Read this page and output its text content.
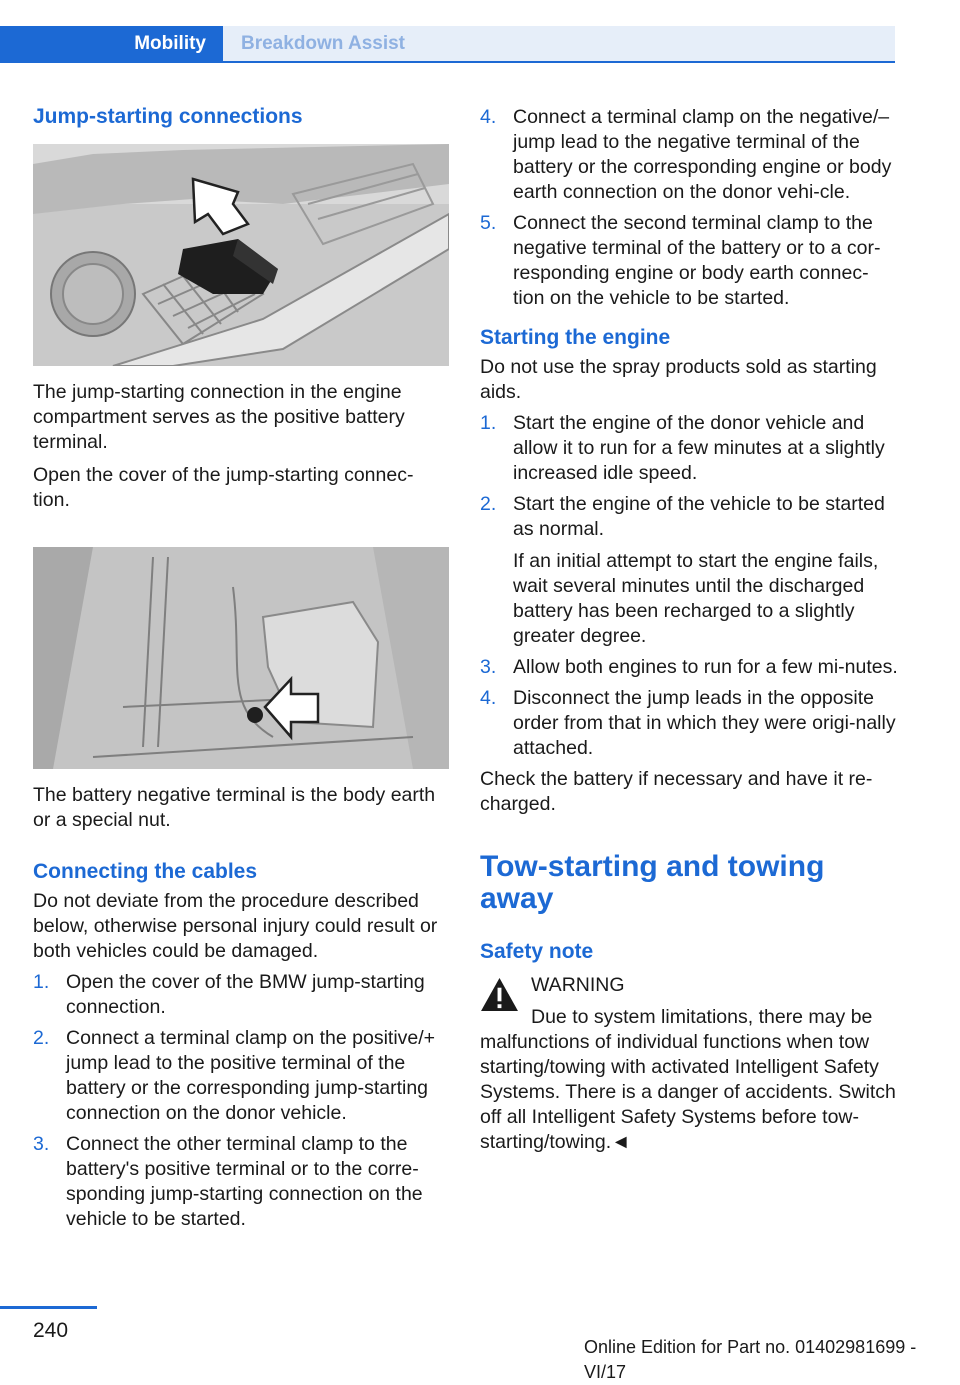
Mobility	Breakdown Assist
Jump-starting connections

The jump-starting connection in the engine compartment serves as the positive battery terminal.

Open the cover of the jump-starting connec-tion.

The battery negative terminal is the body earth or a special nut.

Connecting the cables

Do not deviate from the procedure described below, otherwise personal injury could result or both vehicles could be damaged.

1. Open the cover of the BMW jump-starting connection.
2. Connect a terminal clamp on the positive/+ jump lead to the positive terminal of the battery or the corresponding jump-starting connection on the donor vehicle.
3. Connect the other terminal clamp to the battery's positive terminal or to the corre-sponding jump-starting connection on the vehicle to be started.
4. Connect a terminal clamp on the negative/– jump lead to the negative terminal of the battery or the corresponding engine or body earth connection on the donor vehi-cle.
5. Connect the second terminal clamp to the negative terminal of the battery or to a cor-responding engine or body earth connec-tion on the vehicle to be started.
Starting the engine

Do not use the spray products sold as starting aids.

1. Start the engine of the donor vehicle and allow it to run for a few minutes at a slightly increased idle speed.
2. Start the engine of the vehicle to be started as normal.

If an initial attempt to start the engine fails, wait several minutes until the discharged battery has been recharged to a slightly greater degree.

3. Allow both engines to run for a few mi-nutes.
4. Disconnect the jump leads in the opposite order from that in which they were origi-nally attached.

Check the battery if necessary and have it re-charged.

Tow-starting and towing away
Safety note
WARNING
Due to system limitations, there may be
malfunctions of individual functions when tow starting/towing with activated Intelligent Safety Systems. There is a danger of accidents. Switch off all Intelligent Safety Systems before tow-starting/towing.◄
240
Online Edition for Part no. 01402981699 - VI/17
